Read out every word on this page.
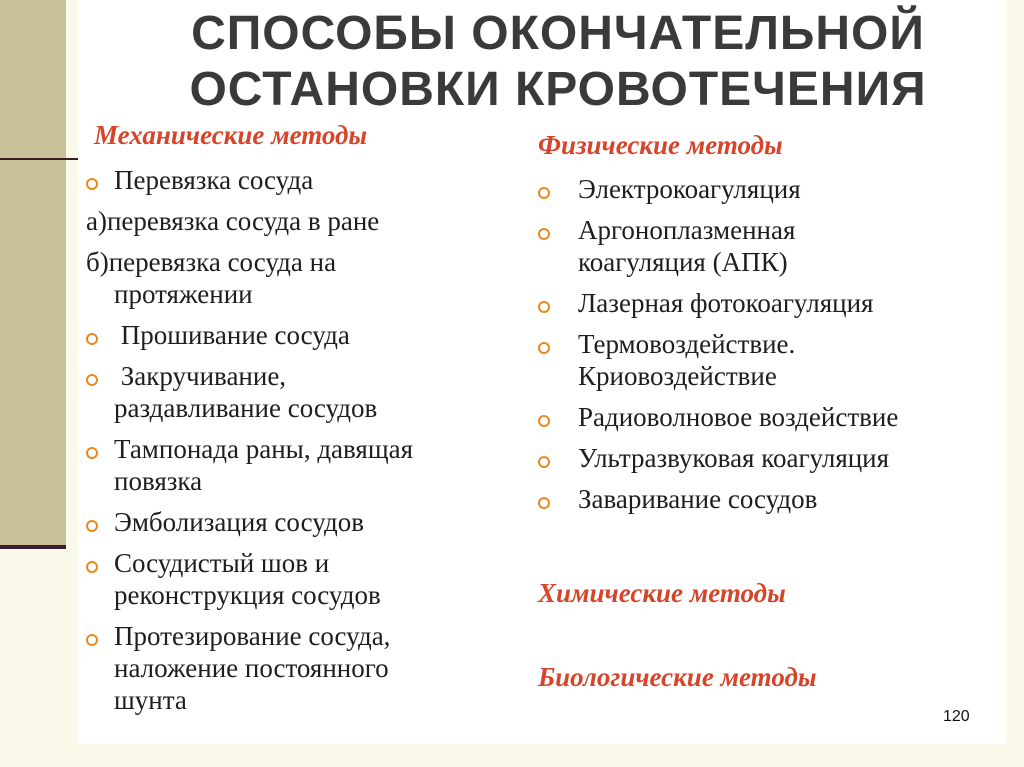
СПОСОБЫ ОКОНЧАТЕЛЬНОЙ
ОСТАНОВКИ КРОВОТЕЧЕНИЯ
Механические методы
Перевязка сосуда
а)перевязка сосуда в ране
б)перевязка сосуда на
протяжении
Прошивание сосуда
Закручивание,
раздавливание сосудов
Тампонада раны, давящая
повязка
Эмболизация сосудов
Сосудистый шов и
реконструкция сосудов
Протезирование сосуда,
наложение постоянного
шунта
Физические методы
Электрокоагуляция
Аргоноплазменная
коагуляция (АПК)
Лазерная фотокоагуляция
Термовоздействие.
Криовоздействие
Радиоволновое воздействие
Ультразвуковая коагуляция
Заваривание сосудов
Химические методы
Биологические методы
120
